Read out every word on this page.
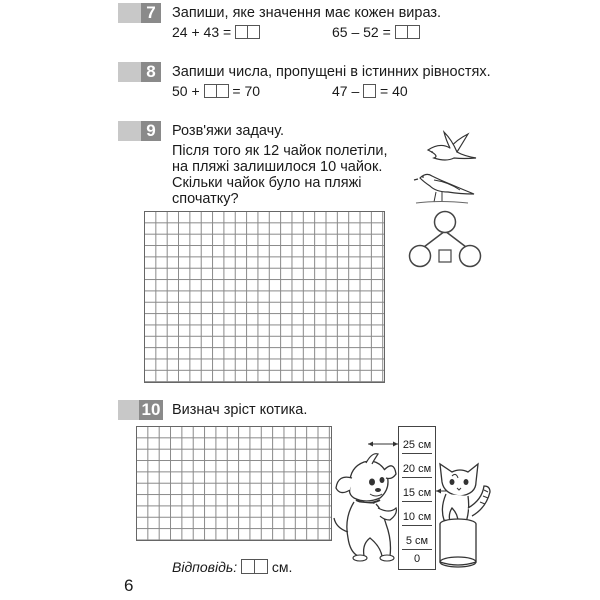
6
7	Запиши, яке значення має кожен вираз.
24 + 43 =	65 – 52 =
8	Запиши числа, пропущені в істинних рівностях.
50 + = 70	47 – = 40
9	Розв'яжи задачу.
Після того як 12 чайок полетіли,
на пляжі залишилося 10 чайок.
Скільки чайок було на пляжі
спочатку?
10 Визнач зріст котика.
25 см
20 см
15 см
10 см
5 см
0
Відповідь: см.
